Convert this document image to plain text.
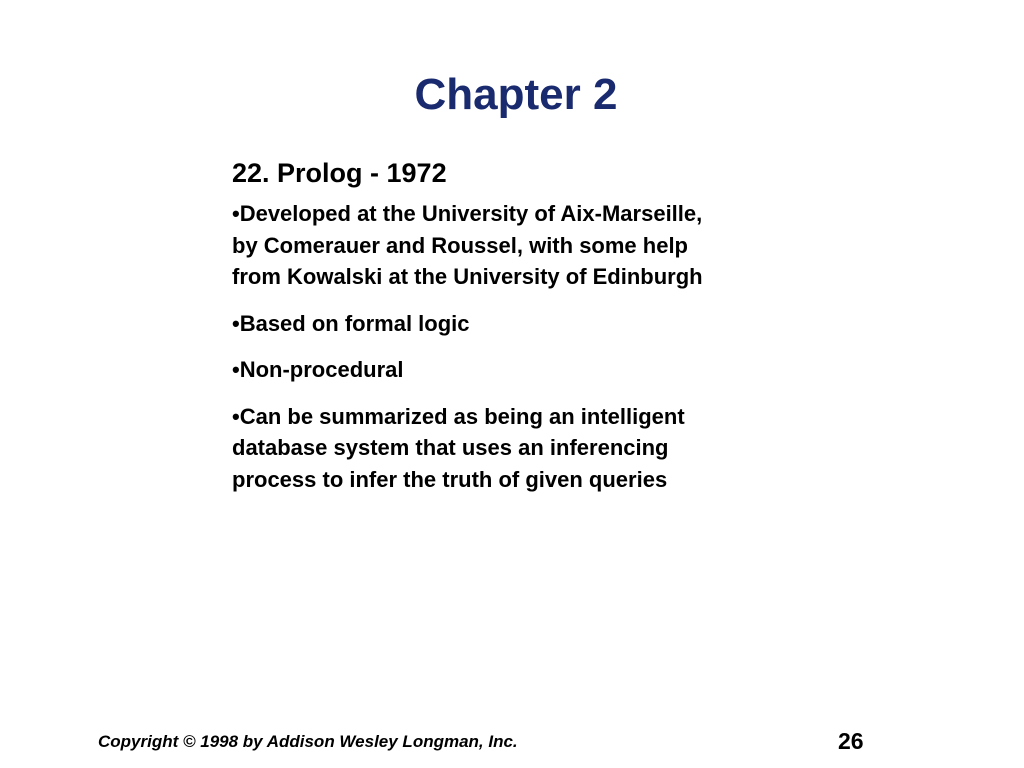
Chapter 2
22. Prolog - 1972
•Developed at the University of Aix-Marseille,
by Comerauer and Roussel, with some help
from Kowalski at the University of Edinburgh
•Based on formal logic
•Non-procedural
•Can be summarized as being an intelligent
database system that uses an inferencing
process to infer the truth of given queries
Copyright © 1998 by Addison Wesley Longman, Inc.	26
